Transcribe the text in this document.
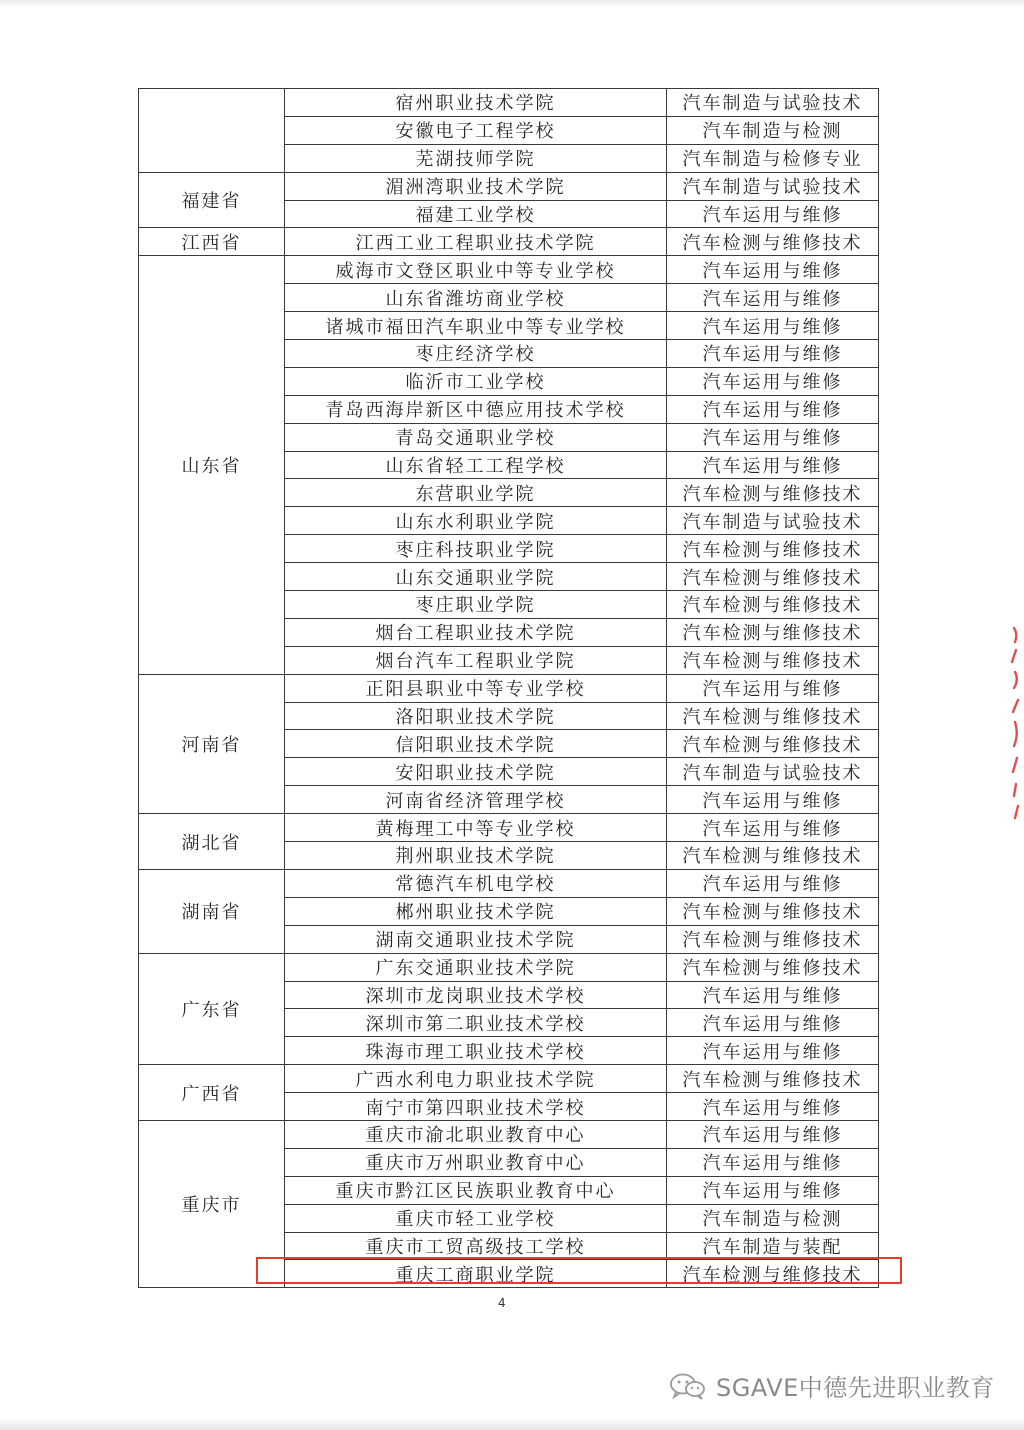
	宿州职业技术学院	汽车制造与试验技术
	安徽电子工程学校	汽车制造与检测
	芜湖技师学院	汽车制造与检修专业
福建省	湄洲湾职业技术学院	汽车制造与试验技术
	福建工业学校	汽车运用与维修
江西省	江西工业工程职业技术学院	汽车检测与维修技术
山东省	威海市文登区职业中等专业学校	汽车运用与维修
	山东省潍坊商业学校	汽车运用与维修
	诸城市福田汽车职业中等专业学校	汽车运用与维修
	枣庄经济学校	汽车运用与维修
	临沂市工业学校	汽车运用与维修
	青岛西海岸新区中德应用技术学校	汽车运用与维修
	青岛交通职业学校	汽车运用与维修
	山东省轻工工程学校	汽车运用与维修
	东营职业学院	汽车检测与维修技术
	山东水利职业学院	汽车制造与试验技术
	枣庄科技职业学院	汽车检测与维修技术
	山东交通职业学院	汽车检测与维修技术
	枣庄职业学院	汽车检测与维修技术
	烟台工程职业技术学院	汽车检测与维修技术
	烟台汽车工程职业学院	汽车检测与维修技术
河南省	正阳县职业中等专业学校	汽车运用与维修
	洛阳职业技术学院	汽车检测与维修技术
	信阳职业技术学院	汽车检测与维修技术
	安阳职业技术学院	汽车制造与试验技术
	河南省经济管理学校	汽车运用与维修
湖北省	黄梅理工中等专业学校	汽车运用与维修
	荆州职业技术学院	汽车检测与维修技术
湖南省	常德汽车机电学校	汽车运用与维修
	郴州职业技术学院	汽车检测与维修技术
	湖南交通职业技术学院	汽车检测与维修技术
广东省	广东交通职业技术学院	汽车检测与维修技术
	深圳市龙岗职业技术学校	汽车运用与维修
	深圳市第二职业技术学校	汽车运用与维修
	珠海市理工职业技术学校	汽车运用与维修
广西省	广西水利电力职业技术学院	汽车检测与维修技术
	南宁市第四职业技术学校	汽车运用与维修
重庆市	重庆市渝北职业教育中心	汽车运用与维修
	重庆市万州职业教育中心	汽车运用与维修
	重庆市黔江区民族职业教育中心	汽车运用与维修
	重庆市轻工业学校	汽车制造与检测
	重庆市工贸高级技工学校	汽车制造与装配
	重庆工商职业学院	汽车检测与维修技术
4
SGAVE中德先进职业教育
